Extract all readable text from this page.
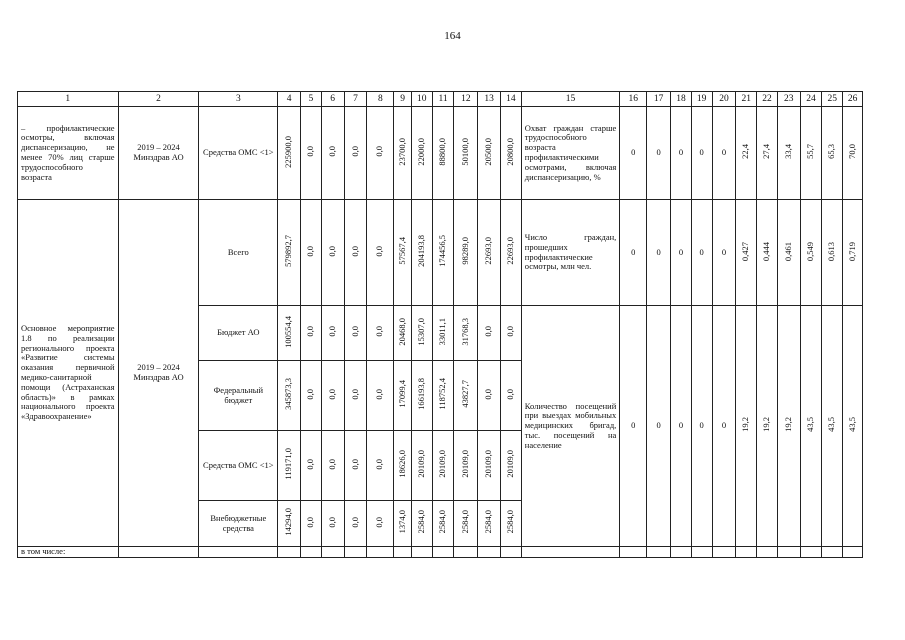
164
1	2	3	4	5	6	7	8	9	10	11	12	13	14	15	16	17	18	19	20	21	22	23	24	25	26
– профилактические осмотры, включая диспансеризацию, не менее 70% лиц старше трудоспособного возраста	2019 – 2024 Минздрав АО	Средства ОМС <1>	225900,0	0,0	0,0	0,0	0,0	23700,0	22000,0	88800,0	50100,0	20500,0	20800,0	Охват граждан старше трудоспособного возраста профилактическими осмотрами, включая диспансеризацию, %	0	0	0	0	0	22,4	27,4	33,4	55,7	65,3	70,0
Основное мероприятие 1.8 по реализации регионального проекта «Развитие системы оказания первичной медико-санитарной помощи (Астраханская область)» в рамках национального проекта «Здравоохранение»	2019 – 2024 Минздрав АО	Всего	579892,7	0,0	0,0	0,0	0,0	57567,4	204193,8	174456,5	98289,0	22693,0	22693,0	Число граждан, прошедших профилактические осмотры, млн чел.	0	0	0	0	0	0,427	0,444	0,461	0,549	0,613	0,719
		Бюджет АО	100554,4	0,0	0,0	0,0	0,0	20468,0	15307,0	33011,1	31768,3	0,0	0,0	Количество посещений при выездах мобильных медицинских бригад, тыс. посещений на население	0	0	0	0	0	19,2	19,2	19,2	43,5	43,5	43,5
		Федеральный бюджет	345873,3	0,0	0,0	0,0	0,0	17099,4	166193,8	118752,4	43827,7	0,0	0,0												
		Средства ОМС <1>	119171,0	0,0	0,0	0,0	0,0	18626,0	20109,0	20109,0	20109,0	20109,0	20109,0												
		Внебюджетные средства	14294,0	0,0	0,0	0,0	0,0	1374,0	2584,0	2584,0	2584,0	2584,0	2584,0												
в том числе:																									
